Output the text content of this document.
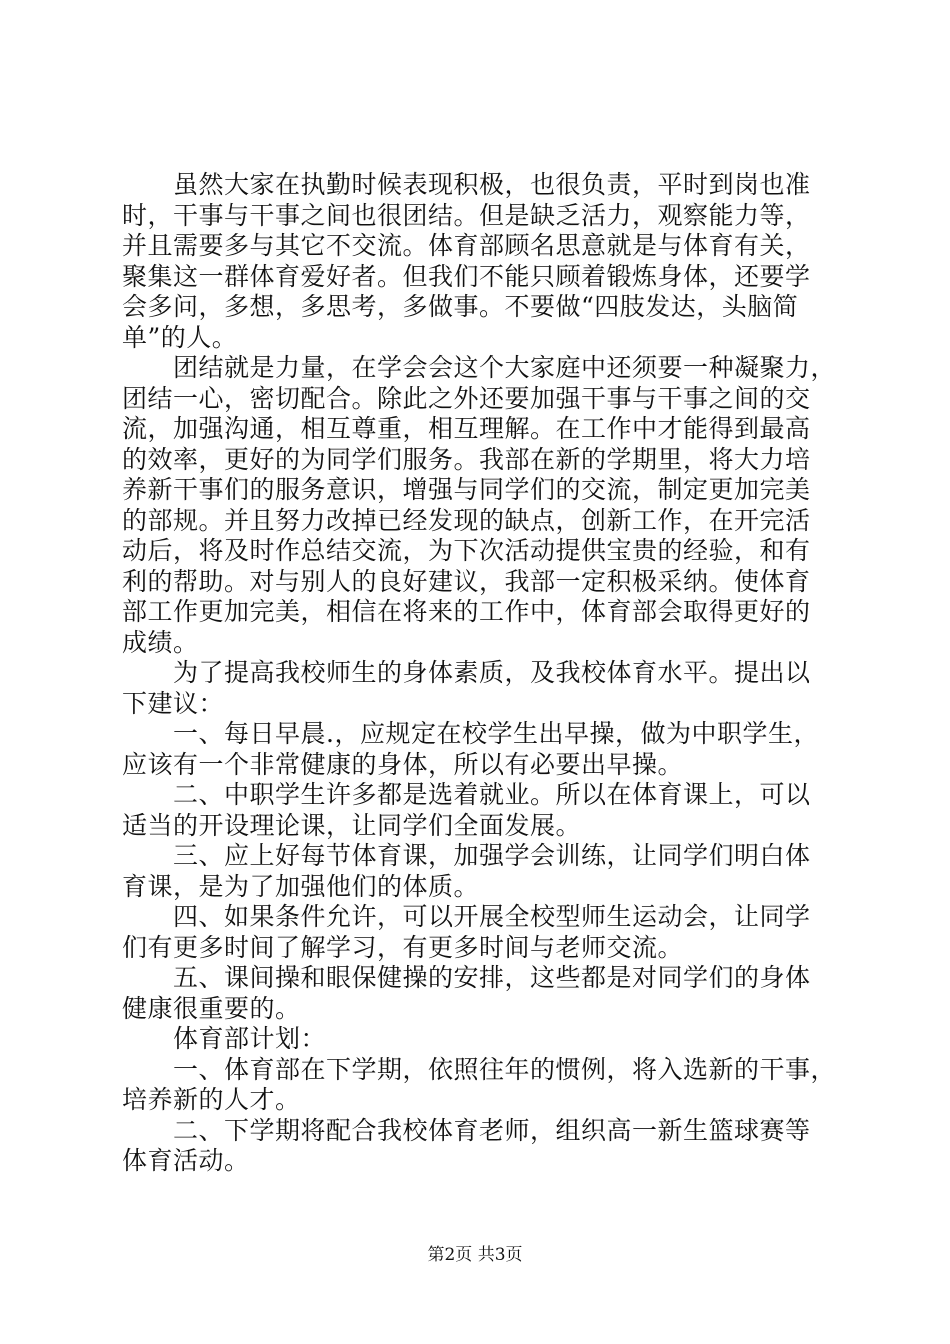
　　虽然大家在执勤时候表现积极，也很负责，平时到岗也准
时，干事与干事之间也很团结。但是缺乏活力，观察能力等，
并且需要多与其它不交流。体育部顾名思意就是与体育有关，
聚集这一群体育爱好者。但我们不能只顾着锻炼身体，还要学
会多问，多想，多思考，多做事。不要做“四肢发达，头脑简
单”的人。
　　团结就是力量，在学会会这个大家庭中还须要一种凝聚力，
团结一心，密切配合。除此之外还要加强干事与干事之间的交
流，加强沟通，相互尊重，相互理解。在工作中才能得到最高
的效率，更好的为同学们服务。我部在新的学期里，将大力培
养新干事们的服务意识，增强与同学们的交流，制定更加完美
的部规。并且努力改掉已经发现的缺点，创新工作，在开完活
动后，将及时作总结交流，为下次活动提供宝贵的经验，和有
利的帮助。对与别人的良好建议，我部一定积极采纳。使体育
部工作更加完美，相信在将来的工作中，体育部会取得更好的
成绩。
　　为了提高我校师生的身体素质，及我校体育水平。提出以
下建议：
　　一、每日早晨.，应规定在校学生出早操，做为中职学生，
应该有一个非常健康的身体，所以有必要出早操。
　　二、中职学生许多都是选着就业。所以在体育课上，可以
适当的开设理论课，让同学们全面发展。
　　三、应上好每节体育课，加强学会训练，让同学们明白体
育课，是为了加强他们的体质。
　　四、如果条件允许，可以开展全校型师生运动会，让同学
们有更多时间了解学习，有更多时间与老师交流。
　　五、课间操和眼保健操的安排，这些都是对同学们的身体
健康很重要的。
　　体育部计划：
　　一、体育部在下学期，依照往年的惯例，将入选新的干事，
培养新的人才。
　　二、下学期将配合我校体育老师，组织高一新生篮球赛等
体育活动。
第2页 共3页
